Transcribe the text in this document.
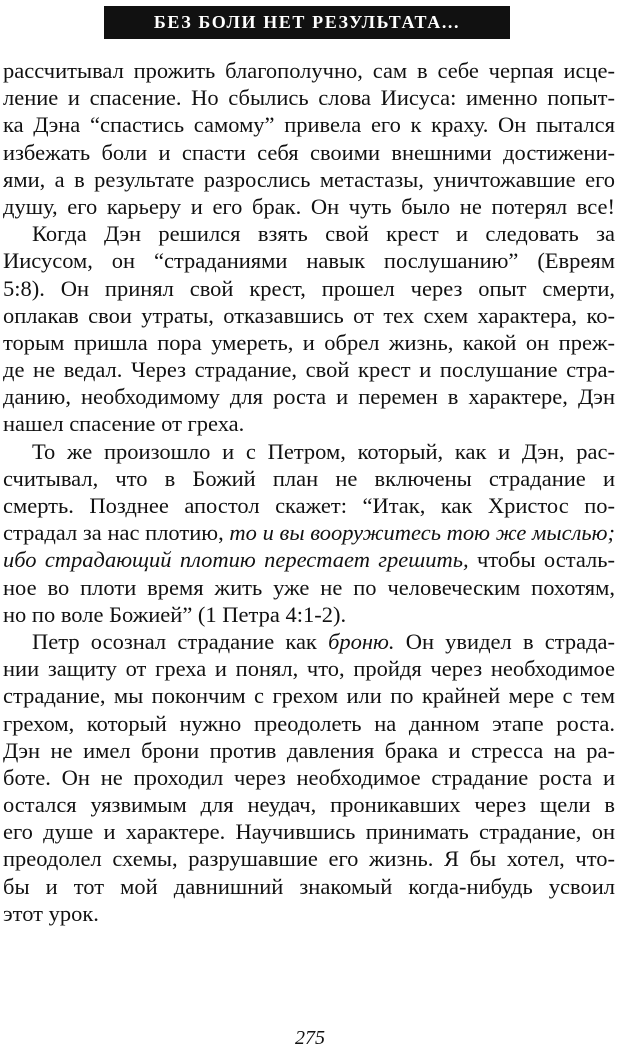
БЕЗ БОЛИ НЕТ РЕЗУЛЬТАТА...
рассчитывал прожить благополучно, сам в себе черпая исце-
ление и спасение. Но сбылись слова Иисуса: именно попыт-
ка Дэна “спастись самому” привела его к краху. Он пытался
избежать боли и спасти себя своими внешними достижени-
ями, а в результате разрослись метастазы, уничтожавшие его
душу, его карьеру и его брак. Он чуть было не потерял все!
Когда Дэн решился взять свой крест и следовать за
Иисусом, он “страданиями навык послушанию” (Евреям
5:8). Он принял свой крест, прошел через опыт смерти,
оплакав свои утраты, отказавшись от тех схем характера, ко-
торым пришла пора умереть, и обрел жизнь, какой он преж-
де не ведал. Через страдание, свой крест и послушание стра-
данию, необходимому для роста и перемен в характере, Дэн
нашел спасение от греха.
То же произошло и с Петром, который, как и Дэн, рас-
считывал, что в Божий план не включены страдание и
смерть. Позднее апостол скажет: “Итак, как Христос по-
страдал за нас плотию, то и вы вооружитесь тою же мыслью;
ибо страдающий плотию перестает грешить, чтобы осталь-
ное во плоти время жить уже не по человеческим похотям,
но по воле Божией” (1 Петра 4:1-2).
Петр осознал страдание как броню. Он увидел в страда-
нии защиту от греха и понял, что, пройдя через необходимое
страдание, мы покончим с грехом или по крайней мере с тем
грехом, который нужно преодолеть на данном этапе роста.
Дэн не имел брони против давления брака и стресса на ра-
боте. Он не проходил через необходимое страдание роста и
остался уязвимым для неудач, проникавших через щели в
его душе и характере. Научившись принимать страдание, он
преодолел схемы, разрушавшие его жизнь. Я бы хотел, что-
бы и тот мой давнишний знакомый когда-нибудь усвоил
этот урок.
275
